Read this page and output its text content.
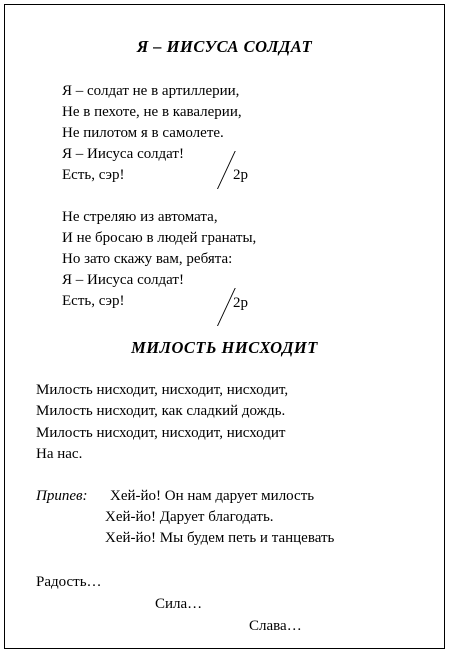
Я – ИИСУСА СОЛДАТ
Я – солдат не в артиллерии,
Не в пехоте, не в кавалерии,
Не пилотом я в самолете.
Я – Иисуса солдат!
Есть, сэр!	2р
Не стреляю из автомата,
И не бросаю в людей гранаты,
Но зато скажу вам, ребята:
Я – Иисуса солдат!
Есть, сэр!	2р
МИЛОСТЬ НИСХОДИТ
Милость нисходит, нисходит, нисходит,
Милость нисходит, как сладкий дождь.
Милость нисходит, нисходит, нисходит
На нас.
Припев: Хей-йо! Он нам дарует милость
Хей-йо! Дарует благодать.
Хей-йо! Мы будем петь и танцевать
Радость…
Сила…
Слава…
